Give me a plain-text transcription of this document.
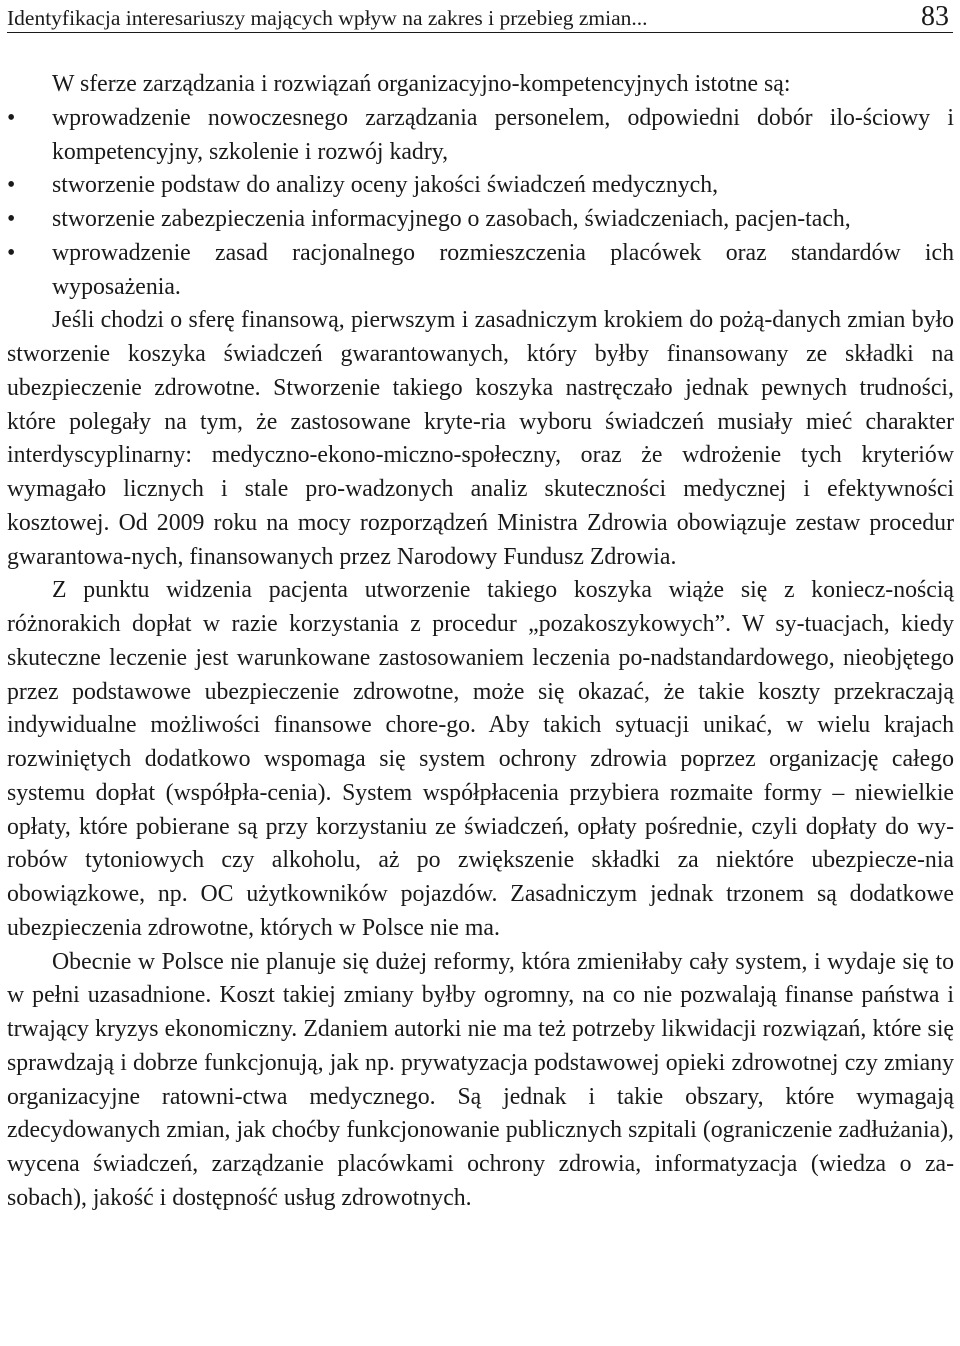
Identyfikacja interesariuszy mających wpływ na zakres i przebieg zmian...	83

W sferze zarządzania i rozwiązań organizacyjno-kompetencyjnych istotne są:

•	wprowadzenie nowoczesnego zarządzania personelem, odpowiedni dobór ilo-ściowy i kompetencyjny, szkolenie i rozwój kadry,
•	stworzenie podstaw do analizy oceny jakości świadczeń medycznych,
•	stworzenie zabezpieczenia informacyjnego o zasobach, świadczeniach, pacjen-tach,
•	wprowadzenie zasad racjonalnego rozmieszczenia placówek oraz standardów ich wyposażenia.

Jeśli chodzi o sferę finansową, pierwszym i zasadniczym krokiem do pożą-danych zmian było stworzenie koszyka świadczeń gwarantowanych, który byłby finansowany ze składki na ubezpieczenie zdrowotne. Stworzenie takiego koszyka nastręczało jednak pewnych trudności, które polegały na tym, że zastosowane kryte-ria wyboru świadczeń musiały mieć charakter interdyscyplinarny: medyczno-ekono-miczno-społeczny, oraz że wdrożenie tych kryteriów wymagało licznych i stale pro-wadzonych analiz skuteczności medycznej i efektywności kosztowej. Od 2009 roku na mocy rozporządzeń Ministra Zdrowia obowiązuje zestaw procedur gwarantowa-nych, finansowanych przez Narodowy Fundusz Zdrowia.

Z punktu widzenia pacjenta utworzenie takiego koszyka wiąże się z koniecz-nością różnorakich dopłat w razie korzystania z procedur „pozakoszykowych”. W sy-tuacjach, kiedy skuteczne leczenie jest warunkowane zastosowaniem leczenia po-nadstandardowego, nieobjętego przez podstawowe ubezpieczenie zdrowotne, może się okazać, że takie koszty przekraczają indywidualne możliwości finansowe chore-go. Aby takich sytuacji unikać, w wielu krajach rozwiniętych dodatkowo wspomaga się system ochrony zdrowia poprzez organizację całego systemu dopłat (współpła-cenia). System współpłacenia przybiera rozmaite formy – niewielkie opłaty, które pobierane są przy korzystaniu ze świadczeń, opłaty pośrednie, czyli dopłaty do wy-robów tytoniowych czy alkoholu, aż po zwiększenie składki za niektóre ubezpiecze-nia obowiązkowe, np. OC użytkowników pojazdów. Zasadniczym jednak trzonem są dodatkowe ubezpieczenia zdrowotne, których w Polsce nie ma.

Obecnie w Polsce nie planuje się dużej reformy, która zmieniłaby cały system, i wydaje się to w pełni uzasadnione. Koszt takiej zmiany byłby ogromny, na co nie pozwalają finanse państwa i trwający kryzys ekonomiczny. Zdaniem autorki nie ma też potrzeby likwidacji rozwiązań, które się sprawdzają i dobrze funkcjonują, jak np. prywatyzacja podstawowej opieki zdrowotnej czy zmiany organizacyjne ratowni-ctwa medycznego. Są jednak i takie obszary, które wymagają zdecydowanych zmian, jak choćby funkcjonowanie publicznych szpitali (ograniczenie zadłużania), wycena świadczeń, zarządzanie placówkami ochrony zdrowia, informatyzacja (wiedza o za-sobach), jakość i dostępność usług zdrowotnych.
